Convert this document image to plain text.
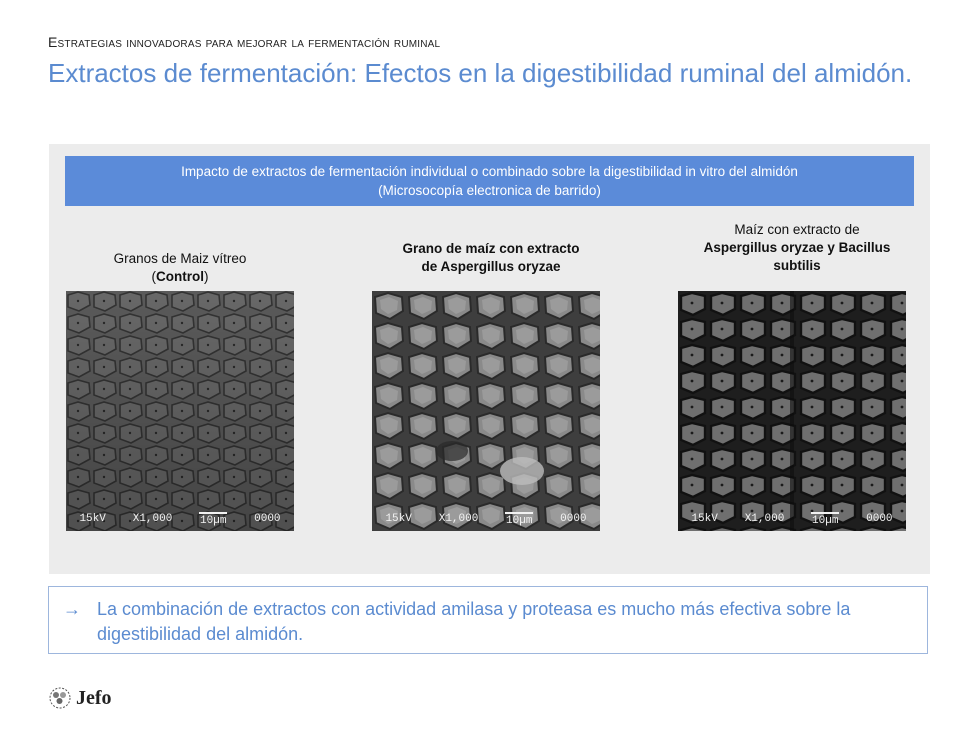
Estrategias innovadoras para mejorar la fermentación ruminal
Extractos de fermentación: Efectos en la digestibilidad ruminal del almidón.
Impacto de extractos de fermentación individual o combinado sobre la digestibilidad in vitro del almidón
(Microsocopía electronica de barrido)
Granos de Maiz vítreo
(Control)
Grano de maíz con extracto
de Aspergillus oryzae
Maíz con extracto de
Aspergillus oryzae y Bacillus
subtilis
15kV X1,000	10µm	0000	15kV X1,000	10µm	0000	15kV X1,000	10µm	0000
→ La combinación de extractos con actividad amilasa y proteasa es mucho más efectiva sobre la digestibilidad del almidón.
Jefo
